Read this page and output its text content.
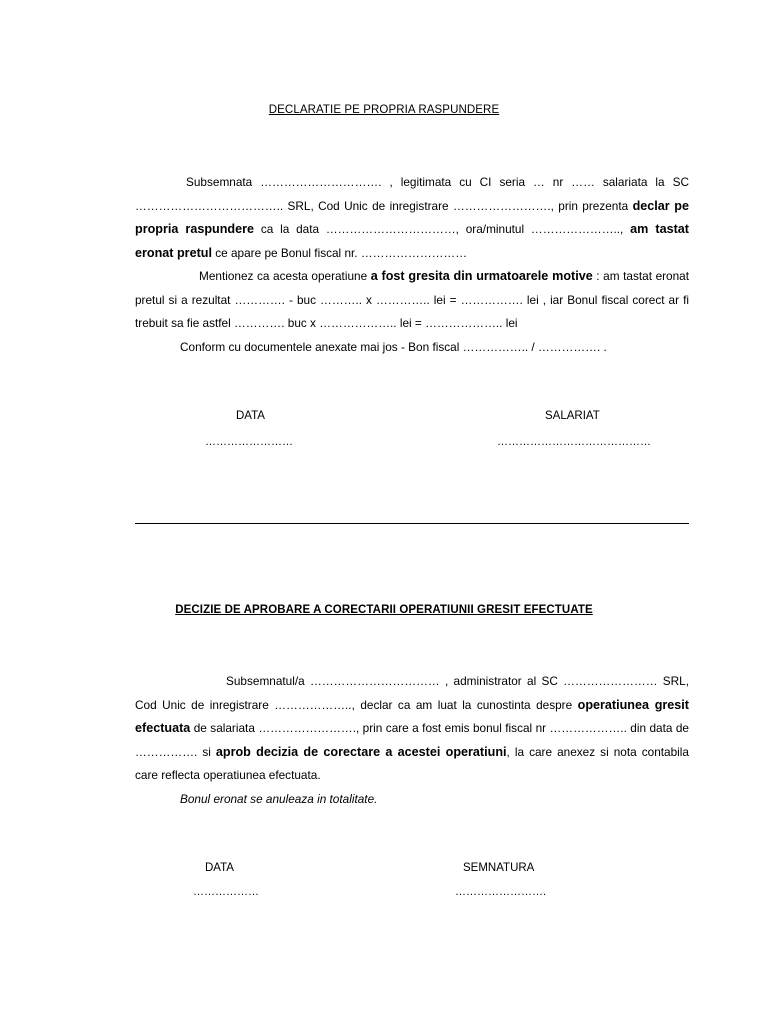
DECLARATIE PE PROPRIA RASPUNDERE

Subsemnata …………………………. , legitimata cu CI seria … nr …… salariata la SC ……………………………….. SRL, Cod Unic de inregistrare ……………………., prin prezenta declar pe propria raspundere ca la data ……………………………, ora/minutul ………………….., am tastat eronat pretul ce apare pe Bonul fiscal nr. ………………………

Mentionez ca acesta operatiune a fost gresita din urmatoarele motive : am tastat eronat pretul si a rezultat …………. - buc ……….. x ………….. lei = ……………. lei , iar Bonul fiscal corect ar fi trebuit sa fie astfel …………. buc x ……………….. lei = ……………….. lei

Conform cu documentele anexate mai jos - Bon fiscal …………….. / ……………. .

DATA
……………………
SALARIAT
……………………………………
DECIZIE DE APROBARE A CORECTARII OPERATIUNII GRESIT EFECTUATE

Subsemnatul/a …………………………… , administrator al SC …………………… SRL, Cod Unic de inregistrare ……………….., declar ca am luat la cunostinta despre operatiunea gresit efectuata de salariata ……………………., prin care a fost emis bonul fiscal nr ……………….. din data de ……………. si aprob decizia de corectare a acestei operatiuni, la care anexez si nota contabila care reflecta operatiunea efectuata.

Bonul eronat se anuleaza in totalitate.

DATA
………………
SEMNATURA
…………………….
